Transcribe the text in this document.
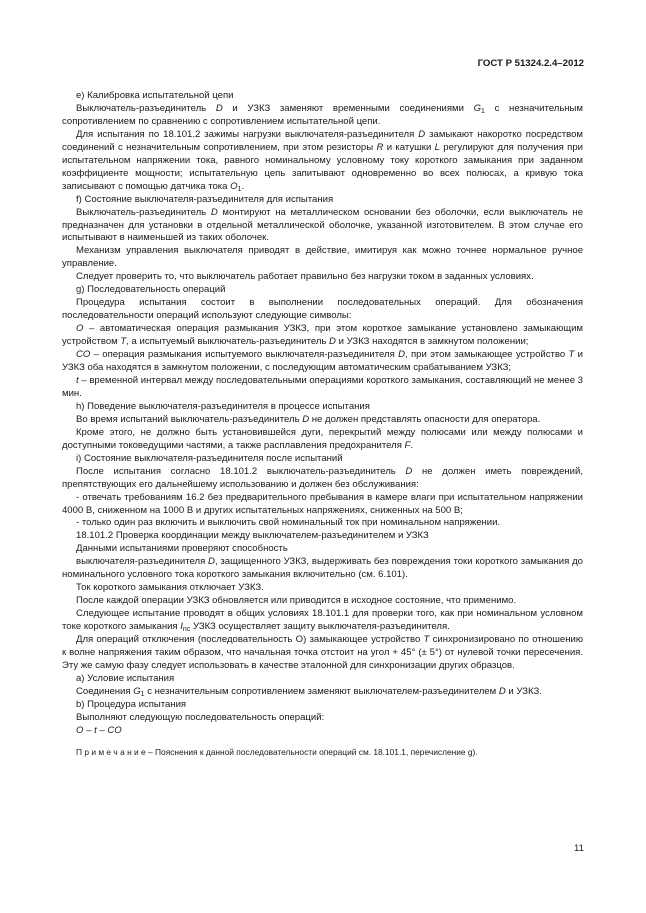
ГОСТ Р 51324.2.4–2012

e) Калибровка испытательной цепи

Выключатель-разъединитель D и УЗКЗ заменяют временными соединениями $G_1$ с незначительным сопротивлением по сравнению с сопротивлением испытательной цепи.

Для испытания по 18.101.2 зажимы нагрузки выключателя-разъединителя D замыкают накоротко посредством соединений с незначительным сопротивлением, при этом резисторы R и катушки L регулируют для получения при испытательном напряжении тока, равного номинальному условному току короткого замыкания при заданном коэффициенте мощности; испытательную цепь запитывают одновременно во всех полюсах, а кривую тока записывают с помощью датчика тока $O_1$.

f) Состояние выключателя-разъединителя для испытания

Выключатель-разъединитель D монтируют на металлическом основании без оболочки, если выключатель не предназначен для установки в отдельной металлической оболочке, указанной изготовителем. В этом случае его испытывают в наименьшей из таких оболочек.

Механизм управления выключателя приводят в действие, имитируя как можно точнее нормальное ручное управление.

Следует проверить то, что выключатель работает правильно без нагрузки током в заданных условиях.

g) Последовательность операций

Процедура испытания состоит в выполнении последовательных операций. Для обозначения последовательности операций используют следующие символы:

O – автоматическая операция размыкания УЗКЗ, при этом короткое замыкание установлено замыкающим устройством T, а испытуемый выключатель-разъединитель D и УЗКЗ находятся в замкнутом положении;

CO – операция размыкания испытуемого выключателя-разъединителя D, при этом замыкающее устройство T и УЗКЗ оба находятся в замкнутом положении, с последующим автоматическим срабатыванием УЗКЗ;

t – временной интервал между последовательными операциями короткого замыкания, составляющий не менее 3 мин.

h) Поведение выключателя-разъединителя в процессе испытания

Во время испытаний выключатель-разъединитель D не должен представлять опасности для оператора.

Кроме этого, не должно быть установившейся дуги, перекрытий между полюсами или между полюсами и доступными токоведущими частями, а также расплавления предохранителя F.

i) Состояние выключателя-разъединителя после испытаний

После испытания согласно 18.101.2 выключатель-разъединитель D не должен иметь повреждений, препятствующих его дальнейшему использованию и должен без обслуживания:

- отвечать требованиям 16.2 без предварительного пребывания в камере влаги при испытательном напряжении 4000 В, сниженном на 1000 В и других испытательных напряжениях, сниженных на 500 В;

- только один раз включить и выключить свой номинальный ток при номинальном напряжении.

18.101.2 Проверка координации между выключателем-разъединителем и УЗКЗ

Данными испытаниями проверяют способность

выключателя-разъединителя D, защищенного УЗКЗ, выдерживать без повреждения токи короткого замыкания до номинального условного тока короткого замыкания включительно (см. 6.101).

Ток короткого замыкания отключает УЗКЗ.

После каждой операции УЗКЗ обновляется или приводится в исходное состояние, что применимо.

Следующее испытание проводят в общих условиях 18.101.1 для проверки того, как при номинальном условном токе короткого замыкания $I_{nc}$ УЗКЗ осуществляет защиту выключателя-разъединителя.

Для операций отключения (последовательность O) замыкающее устройство T синхронизировано по отношению к волне напряжения таким образом, что начальная точка отстоит на угол + 45° (± 5°) от нулевой точки пересечения. Эту же самую фазу следует использовать в качестве эталонной для синхронизации других образцов.

a) Условие испытания

Соединения $G_1$ с незначительным сопротивлением заменяют выключателем-разъединителем D и УЗКЗ.

b) Процедура испытания

Выполняют следующую последовательность операций:

O – t – CO

П р и м е ч а н и е – Пояснения к данной последовательности операций см. 18.101.1, перечисление g).

11
